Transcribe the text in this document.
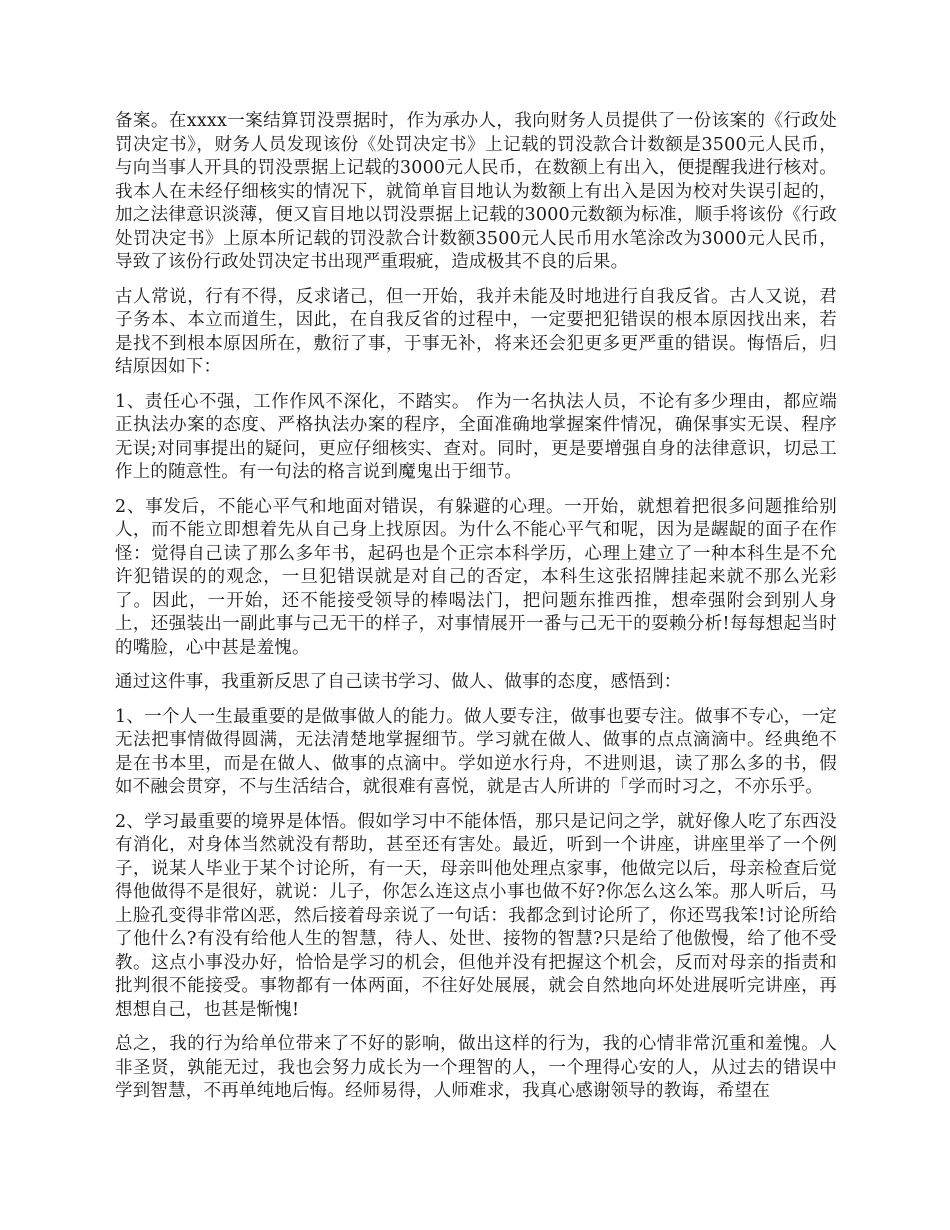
备案。在xxxx一案结算罚没票据时，作为承办人，我向财务人员提供了一份该案的《行政处罚决定书》，财务人员发现该份《处罚决定书》上记载的罚没款合计数额是3500元人民币，与向当事人开具的罚没票据上记载的3000元人民币，在数额上有出入，便提醒我进行核对。我本人在未经仔细核实的情况下，就简单盲目地认为数额上有出入是因为校对失误引起的，加之法律意识淡薄，便又盲目地以罚没票据上记载的3000元数额为标准，顺手将该份《行政处罚决定书》上原本所记载的罚没款合计数额3500元人民币用水笔涂改为3000元人民币，导致了该份行政处罚决定书出现严重瑕疵，造成极其不良的后果。

古人常说，行有不得，反求诸己，但一开始，我并未能及时地进行自我反省。古人又说，君子务本、本立而道生，因此，在自我反省的过程中，一定要把犯错误的根本原因找出来，若是找不到根本原因所在，敷衍了事，于事无补，将来还会犯更多更严重的错误。悔悟后，归结原因如下：

1、责任心不强，工作作风不深化，不踏实。 作为一名执法人员，不论有多少理由，都应端正执法办案的态度、严格执法办案的程序，全面准确地掌握案件情况，确保事实无误、程序无误;对同事提出的疑问，更应仔细核实、查对。同时，更是要增强自身的法律意识，切忌工作上的随意性。有一句法的格言说到魔鬼出于细节。

2、事发后，不能心平气和地面对错误，有躲避的心理。一开始，就想着把很多问题推给别人，而不能立即想着先从自己身上找原因。为什么不能心平气和呢，因为是龌龊的面子在作怪：觉得自己读了那么多年书，起码也是个正宗本科学历，心理上建立了一种本科生是不允许犯错误的的观念，一旦犯错误就是对自己的否定，本科生这张招牌挂起来就不那么光彩了。因此，一开始，还不能接受领导的棒喝法门，把问题东推西推，想牵强附会到别人身上，还强装出一副此事与己无干的样子，对事情展开一番与己无干的耍赖分析!每每想起当时的嘴脸，心中甚是羞愧。

通过这件事，我重新反思了自己读书学习、做人、做事的态度，感悟到：

1、一个人一生最重要的是做事做人的能力。做人要专注，做事也要专注。做事不专心，一定无法把事情做得圆满，无法清楚地掌握细节。学习就在做人、做事的点点滴滴中。经典绝不是在书本里，而是在做人、做事的点滴中。学如逆水行舟，不进则退，读了那么多的书，假如不融会贯穿，不与生活结合，就很难有喜悦，就是古人所讲的「学而时习之，不亦乐乎。

2、学习最重要的境界是体悟。假如学习中不能体悟，那只是记问之学，就好像人吃了东西没有消化，对身体当然就没有帮助，甚至还有害处。最近，听到一个讲座，讲座里举了一个例子，说某人毕业于某个讨论所，有一天，母亲叫他处理点家事，他做完以后，母亲检查后觉得他做得不是很好，就说：儿子，你怎么连这点小事也做不好?你怎么这么笨。那人听后，马上脸孔变得非常凶恶，然后接着母亲说了一句话：我都念到讨论所了，你还骂我笨!讨论所给了他什么?有没有给他人生的智慧，待人、处世、接物的智慧?只是给了他傲慢，给了他不受教。这点小事没办好，恰恰是学习的机会，但他并没有把握这个机会，反而对母亲的指责和批判很不能接受。事物都有一体两面，不往好处展展，就会自然地向坏处进展听完讲座，再想想自己，也甚是惭愧!

总之，我的行为给单位带来了不好的影响，做出这样的行为，我的心情非常沉重和羞愧。人非圣贤，孰能无过，我也会努力成长为一个理智的人，一个理得心安的人，从过去的错误中学到智慧，不再单纯地后悔。经师易得，人师难求，我真心感谢领导的教诲，希望在
